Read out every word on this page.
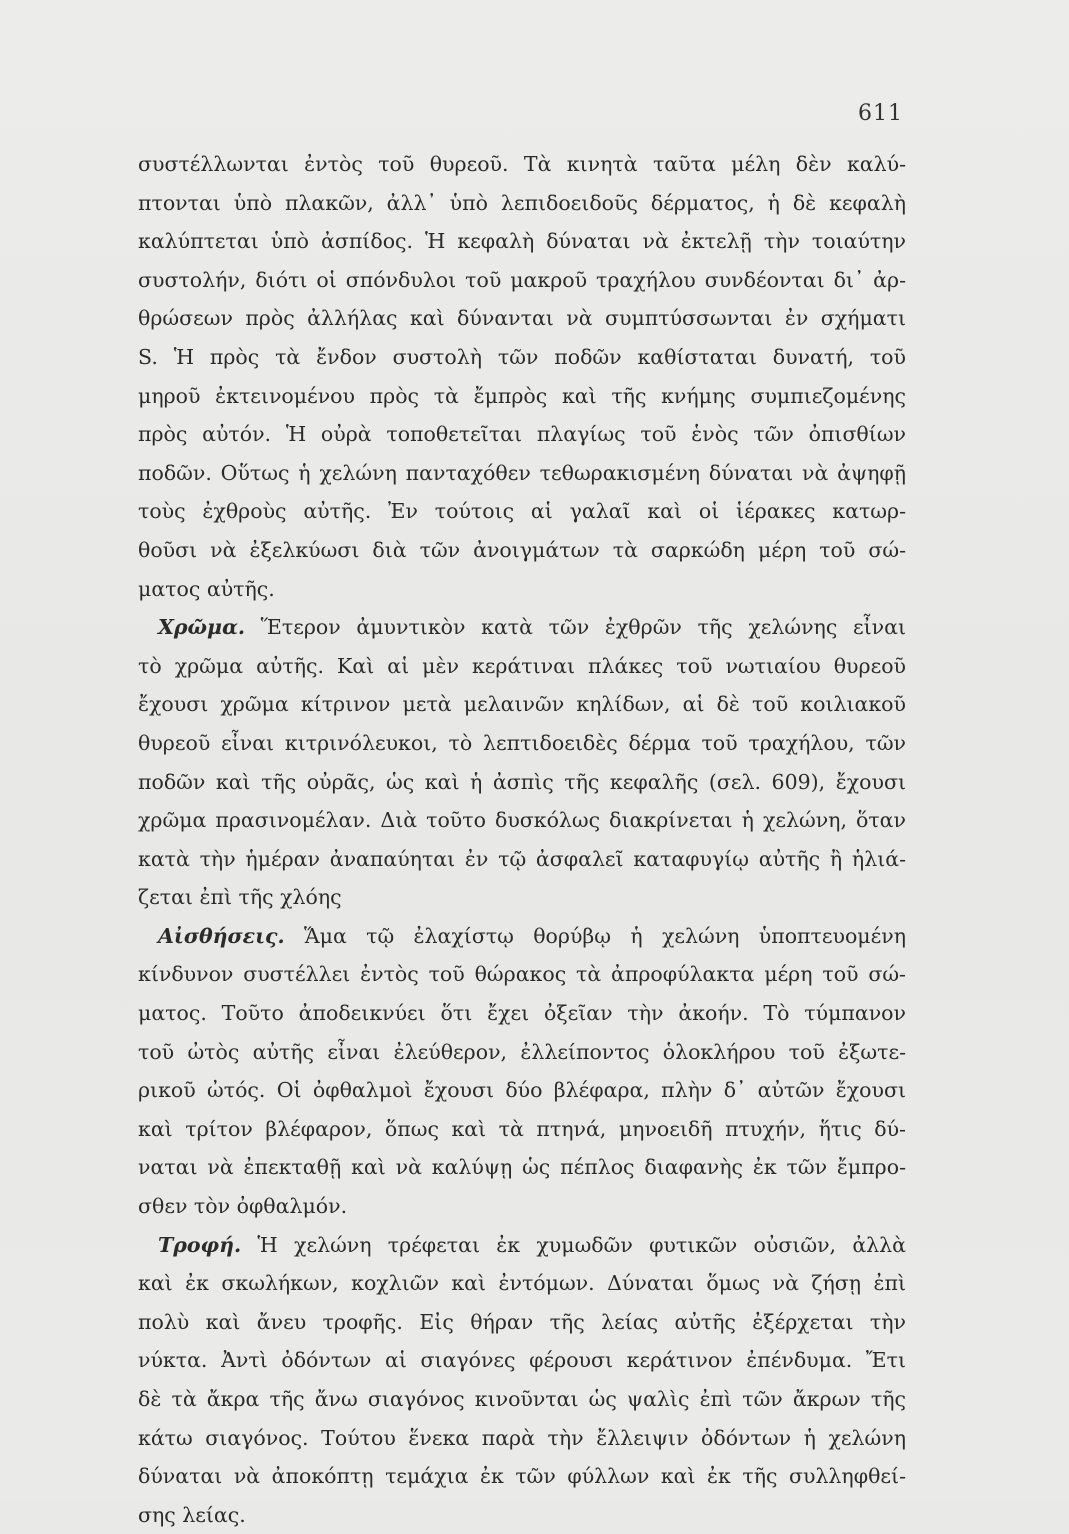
611
συστέλλωνται ἐντὸς τοῦ θυρεοῦ. Τὰ κινητὰ ταῦτα μέλη δὲν καλύ-
πτονται ὑπὸ πλακῶν, ἀλλ᾽ ὑπὸ λεπιδοειδοῦς δέρματος, ἡ δὲ κεφαλὴ
καλύπτεται ὑπὸ ἀσπίδος. Ἡ κεφαλὴ δύναται νὰ ἐκτελῇ τὴν τοιαύτην
συστολήν, διότι οἱ σπόνδυλοι τοῦ μακροῦ τραχήλου συνδέονται δι᾽ ἀρ-
θρώσεων πρὸς ἀλλήλας καὶ δύνανται νὰ συμπτύσσωνται ἐν σχήματι
S. Ἡ πρὸς τὰ ἔνδον συστολὴ τῶν ποδῶν καθίσταται δυνατή, τοῦ
μηροῦ ἐκτεινομένου πρὸς τὰ ἔμπρὸς καὶ τῆς κνήμης συμπιεζομένης
πρὸς αὐτόν. Ἡ οὐρὰ τοποθετεῖται πλαγίως τοῦ ἑνὸς τῶν ὀπισθίων
ποδῶν. Οὕτως ἡ χελώνη πανταχόθεν τεθωρακισμένη δύναται νὰ ἀψηφῇ
τοὺς ἐχθροὺς αὐτῆς. Ἐν τούτοις αἱ γαλαῖ καὶ οἱ ἱέρακες κατωρ-
θοῦσι νὰ ἐξελκύωσι διὰ τῶν ἀνοιγμάτων τὰ σαρκώδη μέρη τοῦ σώ-
ματος αὐτῆς.
Χρῶμα. Ἕτερον ἀμυντικὸν κατὰ τῶν ἐχθρῶν τῆς χελώνης εἶναι
τὸ χρῶμα αὐτῆς. Καὶ αἱ μὲν κεράτιναι πλάκες τοῦ νωτιαίου θυρεοῦ
ἔχουσι χρῶμα κίτρινον μετὰ μελαινῶν κηλίδων, αἱ δὲ τοῦ κοιλιακοῦ
θυρεοῦ εἶναι κιτρινόλευκοι, τὸ λεπτιδοειδὲς δέρμα τοῦ τραχήλου, τῶν
ποδῶν καὶ τῆς οὐρᾶς, ὡς καὶ ἡ ἀσπὶς τῆς κεφαλῆς (σελ. 609), ἔχουσι
χρῶμα πρασινομέλαν. Διὰ τοῦτο δυσκόλως διακρίνεται ἡ χελώνη, ὅταν
κατὰ τὴν ἡμέραν ἀναπαύηται ἐν τῷ ἀσφαλεῖ καταφυγίῳ αὐτῆς ἢ ἡλιά-
ζεται ἐπὶ τῆς χλόης
Αἰσθήσεις. Ἅμα τῷ ἐλαχίστῳ θορύβῳ ἡ χελώνη ὑποπτευομένη
κίνδυνον συστέλλει ἐντὸς τοῦ θώρακος τὰ ἀπροφύλακτα μέρη τοῦ σώ-
ματος. Τοῦτο ἀποδεικνύει ὅτι ἔχει ὀξεῖαν τὴν ἀκοήν. Τὸ τύμπανον
τοῦ ὠτὸς αὐτῆς εἶναι ἐλεύθερον, ἐλλείποντος ὁλοκλήρου τοῦ ἐξωτε-
ρικοῦ ὠτός. Οἱ ὀφθαλμοὶ ἔχουσι δύο βλέφαρα, πλὴν δ᾽ αὐτῶν ἔχουσι
καὶ τρίτον βλέφαρον, ὅπως καὶ τὰ πτηνά, μηνοειδῆ πτυχήν, ἥτις δύ-
ναται νὰ ἐπεκταθῇ καὶ νὰ καλύψῃ ὡς πέπλος διαφανὴς ἐκ τῶν ἔμπρο-
σθεν τὸν ὀφθαλμόν.
Τροφή. Ἡ χελώνη τρέφεται ἐκ χυμωδῶν φυτικῶν οὐσιῶν, ἀλλὰ
καὶ ἐκ σκωλήκων, κοχλιῶν καὶ ἐντόμων. Δύναται ὅμως νὰ ζήσῃ ἐπὶ
πολὺ καὶ ἄνευ τροφῆς. Εἰς θήραν τῆς λείας αὐτῆς ἐξέρχεται τὴν
νύκτα. Ἀντὶ ὀδόντων αἱ σιαγόνες φέρουσι κεράτινον ἐπένδυμα. Ἔτι
δὲ τὰ ἄκρα τῆς ἄνω σιαγόνος κινοῦνται ὡς ψαλὶς ἐπὶ τῶν ἄκρων τῆς
κάτω σιαγόνος. Τούτου ἕνεκα παρὰ τὴν ἔλλειψιν ὀδόντων ἡ χελώνη
δύναται νὰ ἀποκόπτῃ τεμάχια ἐκ τῶν φύλλων καὶ ἐκ τῆς συλληφθεί-
σης λείας.
